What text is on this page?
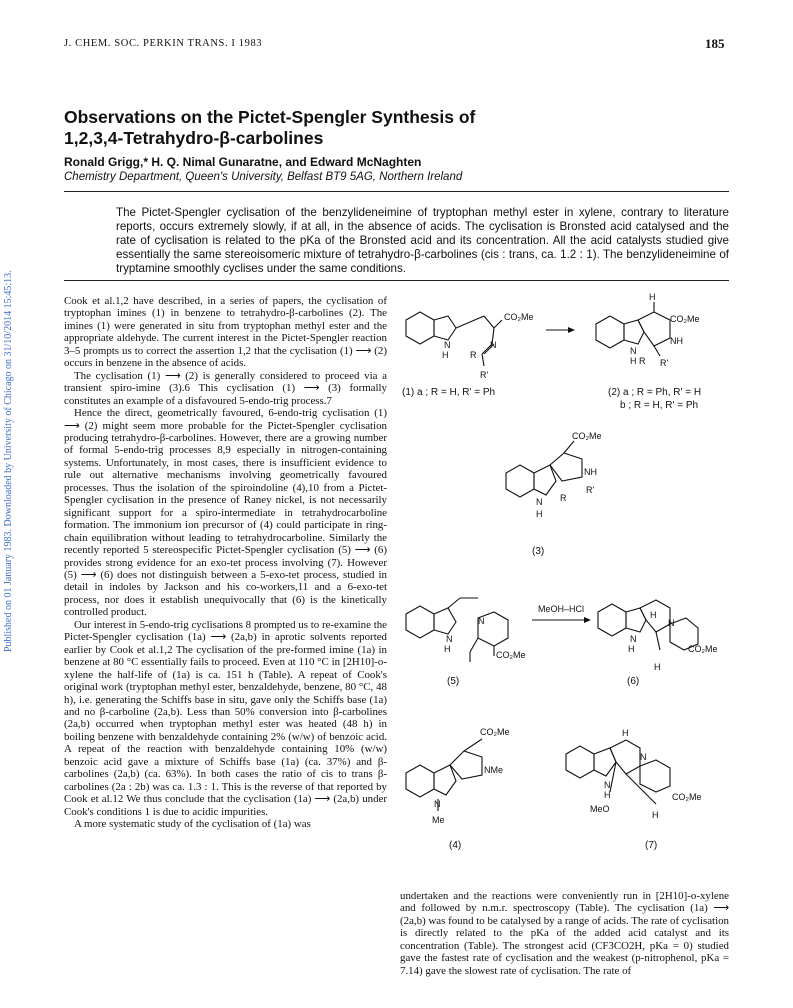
J. CHEM. SOC. PERKIN TRANS. I 1983	185
Published on 01 January 1983. Downloaded by University of Chicago on 31/10/2014 15:45:13.
Observations on the Pictet-Spengler Synthesis of
1,2,3,4-Tetrahydro-β-carbolines
Ronald Grigg,* H. Q. Nimal Gunaratne, and Edward McNaghten
Chemistry Department, Queen's University, Belfast BT9 5AG, Northern Ireland
The Pictet-Spengler cyclisation of the benzylideneimine of tryptophan methyl ester in xylene, contrary to literature reports, occurs extremely slowly, if at all, in the absence of acids. The cyclisation is Bronsted acid catalysed and the rate of cyclisation is related to the pKa of the Bronsted acid and its concentration. All the acid catalysts studied give essentially the same stereoisomeric mixture of tetrahydro-β-carbolines (cis : trans, ca. 1.2 : 1). The benzylideneimine of tryptamine smoothly cyclises under the same conditions.

Cook et al.1,2 have described, in a series of papers, the cyclisation of tryptophan imines (1) in benzene to tetrahydro-β-carbolines (2). The imines (1) were generated in situ from tryptophan methyl ester and the appropriate aldehyde. The current interest in the Pictet-Spengler reaction 3–5 prompts us to correct the assertion 1,2 that the cyclisation (1) ⟶ (2) occurs in benzene in the absence of acids.

The cyclisation (1) ⟶ (2) is generally considered to proceed via a transient spiro-imine (3).6 This cyclisation (1) ⟶ (3) formally constitutes an example of a disfavoured 5-endo-trig process.7

Hence the direct, geometrically favoured, 6-endo-trig cyclisation (1) ⟶ (2) might seem more probable for the Pictet-Spengler cyclisation producing tetrahydro-β-carbolines. However, there are a growing number of formal 5-endo-trig processes 8,9 especially in nitrogen-containing systems. Unfortunately, in most cases, there is insufficient evidence to rule out alternative mechanisms involving geometrically favoured processes. Thus the isolation of the spiroindoline (4),10 from a Pictet-Spengler cyclisation in the presence of Raney nickel, is not necessarily significant support for a spiro-intermediate in tetrahydrocarboline formation. The immonium ion precursor of (4) could participate in ring-chain equilibration without leading to tetrahydrocarboline. Similarly the recently reported 5 stereospecific Pictet-Spengler cyclisation (5) ⟶ (6) provides strong evidence for an exo-tet process involving (7). However (5) ⟶ (6) does not distinguish between a 5-exo-tet process, studied in detail in indoles by Jackson and his co-workers,11 and a 6-exo-tet process, nor does it establish unequivocally that (6) is the kinetically controlled product.

Our interest in 5-endo-trig cyclisations 8 prompted us to re-examine the Pictet-Spengler cyclisation (1a) ⟶ (2a,b) in aprotic solvents reported earlier by Cook et al.1,2 The cyclisation of the pre-formed imine (1a) in benzene at 80 °C essentially fails to proceed. Even at 110 °C in [2H10]-o-xylene the half-life of (1a) is ca. 151 h (Table). A repeat of Cook's original work (tryptophan methyl ester, benzaldehyde, benzene, 80 °C, 48 h), i.e. generating the Schiffs base in situ, gave only the Schiffs base (1a) and no β-carboline (2a,b). Less than 50% conversion into β-carbolines (2a,b) occurred when tryptophan methyl ester was heated (48 h) in boiling benzene with benzaldehyde containing 2% (w/w) of benzoic acid. A repeat of the reaction with benzaldehyde containing 10% (w/w) benzoic acid gave a mixture of Schiffs base (1a) (ca. 37%) and β-carbolines (2a,b) (ca. 63%). In both cases the ratio of cis to trans β-carbolines (2a : 2b) was ca. 1.3 : 1. This is the reverse of that reported by Cook et al.12 We thus conclude that the cyclisation (1a) ⟶ (2a,b) under Cook's conditions 1 is due to acidic impurities.

A more systematic study of the cyclisation of (1a) was

undertaken and the reactions were conveniently run in [2H10]-o-xylene and followed by n.m.r. spectroscopy (Table). The cyclisation (1a) ⟶ (2a,b) was found to be catalysed by a range of acids. The rate of cyclisation is directly related to the pKa of the added acid catalyst and its concentration (Table). The strongest acid (CF3CO2H, pKa = 0) studied gave the fastest rate of cyclisation and the weakest (p-nitrophenol, pKa = 7.14) gave the slowest rate of cyclisation. The rate of

CO₂Me
N
H
N
R
R'
H
CO₂Me
NH
N
H R R'
(1) a ; R = H, R' = Ph	(2) a ; R = Ph, R' = H
b ; R = H, R' = Ph
CO₂Me
NH
R'
R
N
H
(3)
N
CO₂Me
N
H
MeOH–HCl
H
N
N
H	CO₂Me
H
(5)	(6)
CO₂Me
NMe
N
Me
(4)
H
N
N
H
MeO
CO₂Me
H
(7)
